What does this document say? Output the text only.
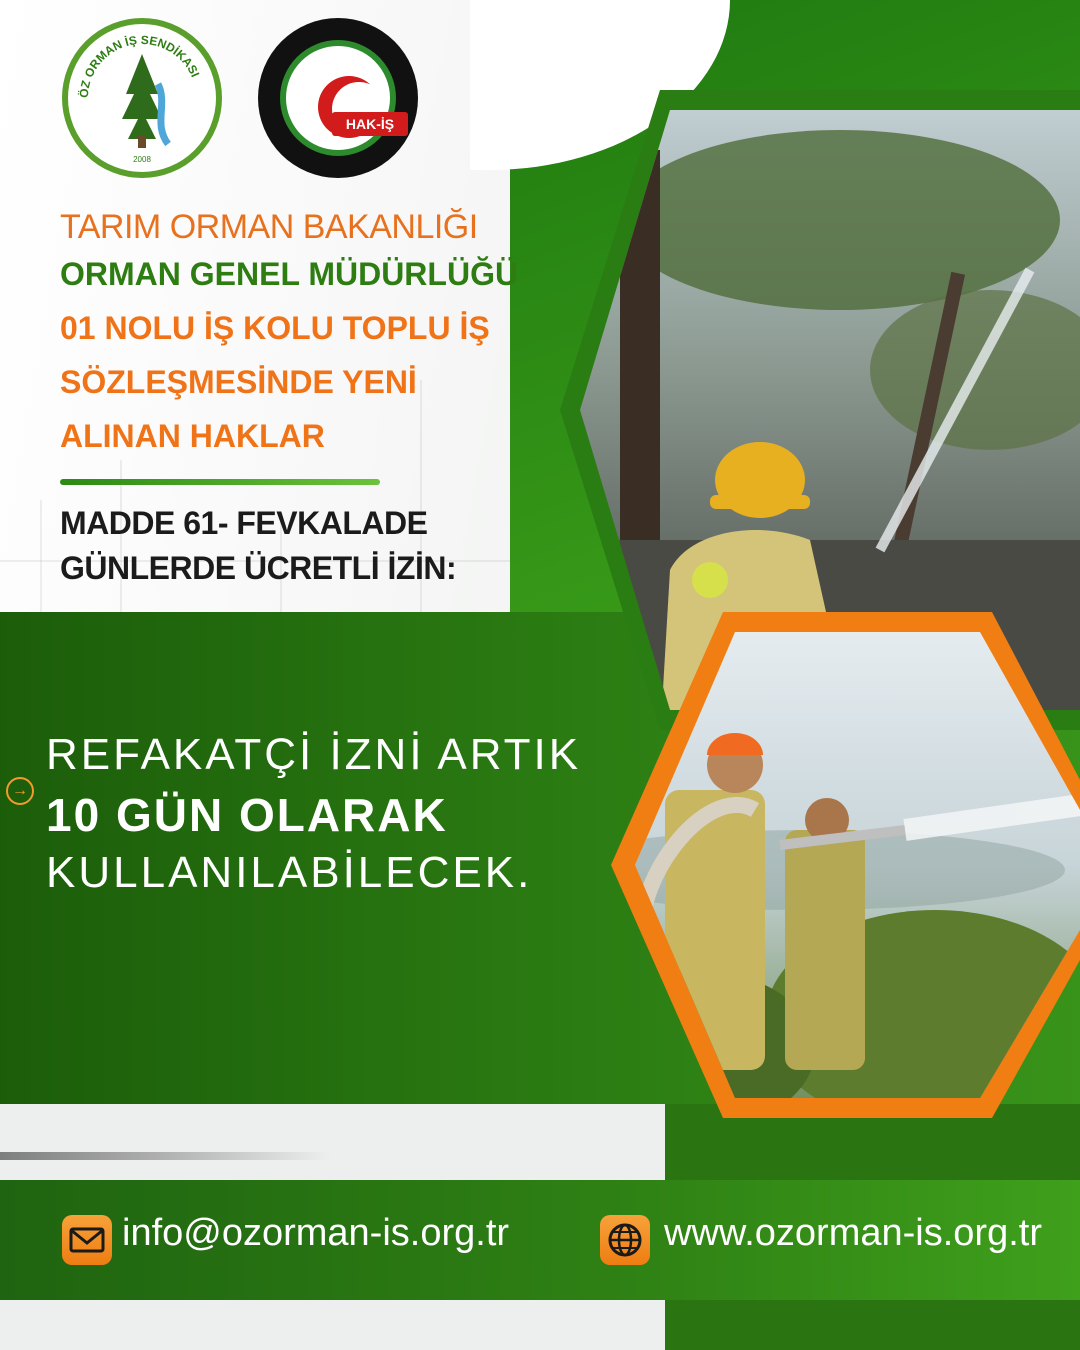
ÖZ ORMAN İŞ SENDİKASI
2008
HAK-İŞ
TARIM ORMAN BAKANLIĞI
ORMAN GENEL MÜDÜRLÜĞÜ
01 NOLU İŞ KOLU TOPLU İŞ
SÖZLEŞMESİNDE YENİ
ALINAN HAKLAR
MADDE 61- FEVKALADE
GÜNLERDE ÜCRETLİ İZİN:
→
REFAKATÇİ İZNİ ARTIK
10 GÜN OLARAK
KULLANILABİLECEK.
info@ozorman-is.org.tr	www.ozorman-is.org.tr
